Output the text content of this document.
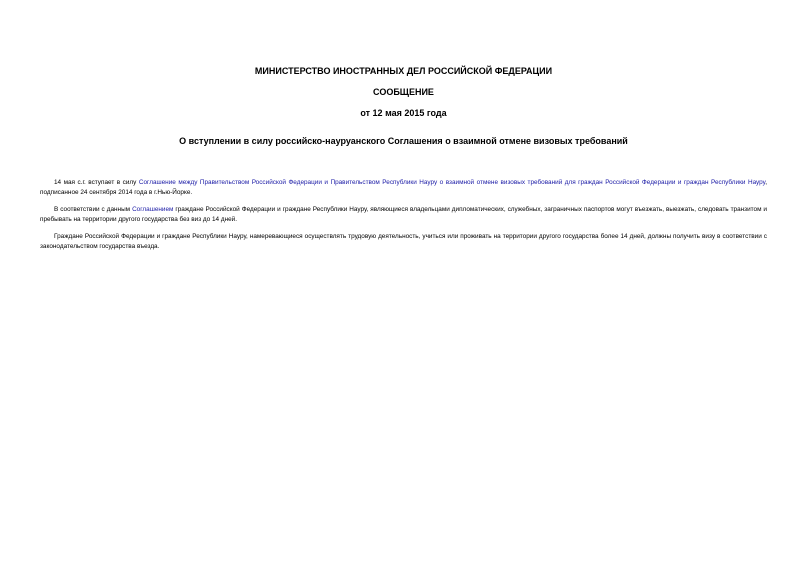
МИНИСТЕРСТВО ИНОСТРАННЫХ ДЕЛ РОССИЙСКОЙ ФЕДЕРАЦИИ
СООБЩЕНИЕ
от 12 мая 2015 года
О вступлении в силу российско-науруанского Соглашения о взаимной отмене визовых требований

14 мая с.г. вступает в силу Соглашение между Правительством Российской Федерации и Правительством Республики Науру о взаимной отмене визовых требований для граждан Российской Федерации и граждан Республики Науру, подписанное 24 сентября 2014 года в г.Нью-Йорке.

В соответствии с данным Соглашением граждане Российской Федерации и граждане Республики Науру, являющиеся владельцами дипломатических, служебных, заграничных паспортов могут въезжать, выезжать, следовать транзитом и пребывать на территории другого государства без виз до 14 дней.

Граждане Российской Федерации и граждане Республики Науру, намеревающиеся осуществлять трудовую деятельность, учиться или проживать на территории другого государства более 14 дней, должны получить визу в соответствии с законодательством государства въезда.
